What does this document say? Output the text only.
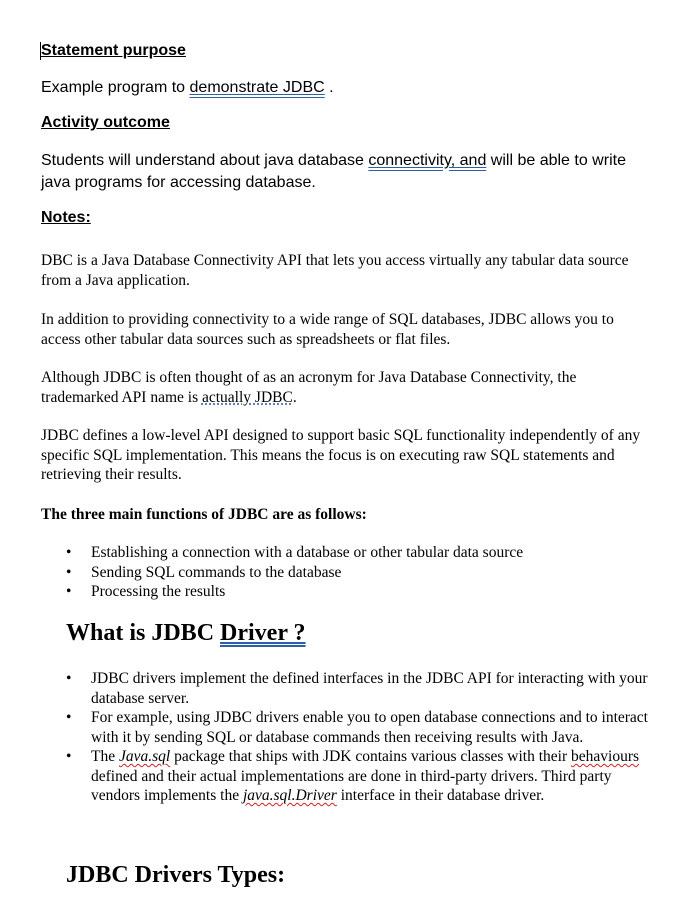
Statement purpose

Example program to demonstrate JDBC .

Activity outcome

Students will understand about java database connectivity, and will be able to write java programs for accessing database.

Notes:

DBC is a Java Database Connectivity API that lets you access virtually any tabular data source from a Java application.

In addition to providing connectivity to a wide range of SQL databases, JDBC allows you to access other tabular data sources such as spreadsheets or flat files.

Although JDBC is often thought of as an acronym for Java Database Connectivity, the trademarked API name is actually JDBC.

JDBC defines a low-level API designed to support basic SQL functionality independently of any specific SQL implementation. This means the focus is on executing raw SQL statements and retrieving their results.

The three main functions of JDBC are as follows:

•	Establishing a connection with a database or other tabular data source
•	Sending SQL commands to the database
•	Processing the results

What is JDBC Driver ?

•	JDBC drivers implement the defined interfaces in the JDBC API for interacting with your database server.
•	For example, using JDBC drivers enable you to open database connections and to interact with it by sending SQL or database commands then receiving results with Java.
•	The Java.sql package that ships with JDK contains various classes with their behaviours defined and their actual implementations are done in third-party drivers. Third party vendors implements the java.sql.Driver interface in their database driver.

JDBC Drivers Types:
